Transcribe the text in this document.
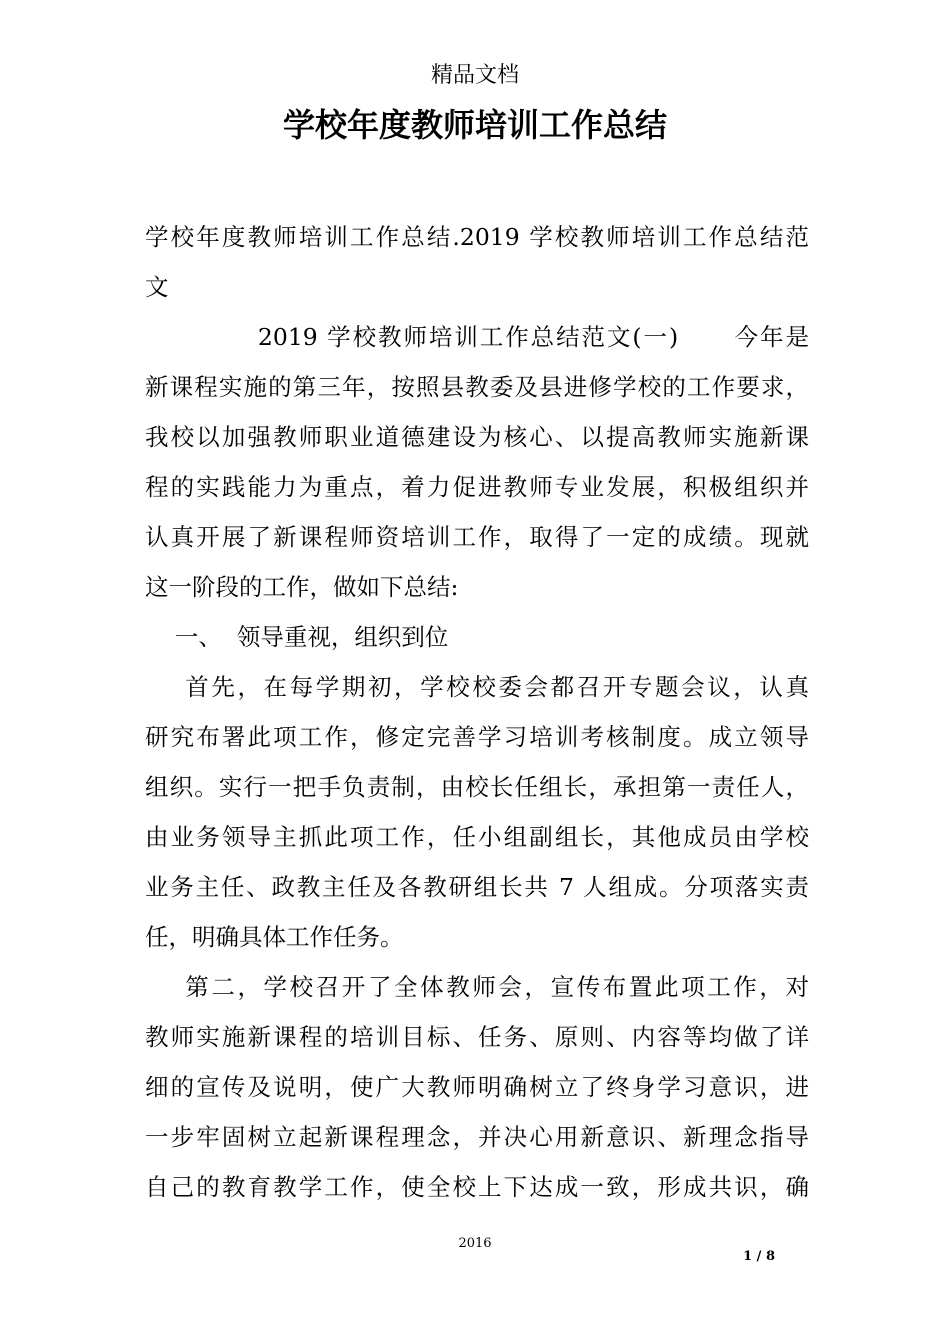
精品文档
学校年度教师培训工作总结
学校年度教师培训工作总结.2019 学校教师培训工作总结范
文
2019 学校教师培训工作总结范文(一)      今年是
新课程实施的第三年，按照县教委及县进修学校的工作要求，
我校以加强教师职业道德建设为核心、以提高教师实施新课
程的实践能力为重点，着力促进教师专业发展，积极组织并
认真开展了新课程师资培训工作，取得了一定的成绩。现就
这一阶段的工作，做如下总结:
一、  领导重视，组织到位
首先，在每学期初，学校校委会都召开专题会议，认真
研究布署此项工作，修定完善学习培训考核制度。成立领导
组织。实行一把手负责制，由校长任组长，承担第一责任人，
由业务领导主抓此项工作，任小组副组长，其他成员由学校
业务主任、政教主任及各教研组长共 7 人组成。分项落实责
任，明确具体工作任务。
第二，学校召开了全体教师会，宣传布置此项工作，对
教师实施新课程的培训目标、任务、原则、内容等均做了详
细的宣传及说明，使广大教师明确树立了终身学习意识，进
一步牢固树立起新课程理念，并决心用新意识、新理念指导
自己的教育教学工作，使全校上下达成一致，形成共识，确
2016
1 / 8
